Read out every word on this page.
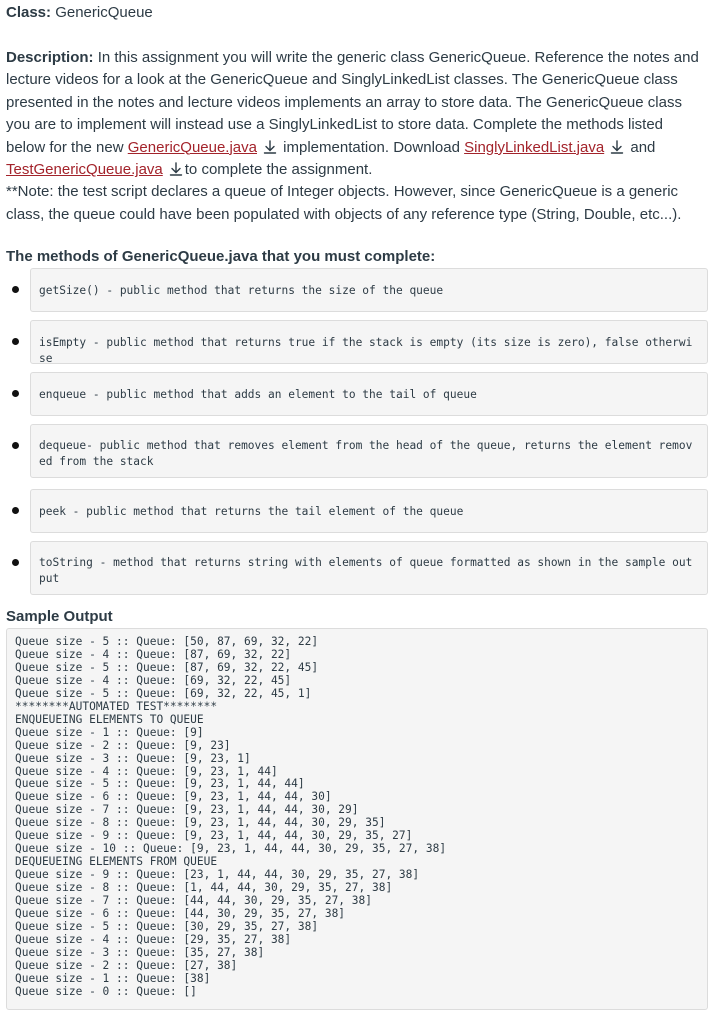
Class: GenericQueue
Description: In this assignment you will write the generic class GenericQueue. Reference the notes and lecture videos for a look at the GenericQueue and SinglyLinkedList classes. The GenericQueue class presented in the notes and lecture videos implements an array to store data. The GenericQueue class you are to implement will instead use a SinglyLinkedList to store data. Complete the methods listed below for the new GenericQueue.java implementation. Download SinglyLinkedList.java and
TestGenericQueue.java to complete the assignment.
**Note: the test script declares a queue of Integer objects. However, since GenericQueue is a generic class, the queue could have been populated with objects of any reference type (String, Double, etc...).
The methods of GenericQueue.java that you must complete:
getSize() - public method that returns the size of the queue
isEmpty - public method that returns true if the stack is empty (its size is zero), false otherwise
enqueue - public method that adds an element to the tail of queue
dequeue- public method that removes element from the head of the queue, returns the element removed from the stack
peek - public method that returns the tail element of the queue
toString - method that returns string with elements of queue formatted as shown in the sample output
Sample Output
Queue size - 5 :: Queue: [50, 87, 69, 32, 22]
Queue size - 4 :: Queue: [87, 69, 32, 22]
Queue size - 5 :: Queue: [87, 69, 32, 22, 45]
Queue size - 4 :: Queue: [69, 32, 22, 45]
Queue size - 5 :: Queue: [69, 32, 22, 45, 1]
********AUTOMATED TEST********
ENQUEUEING ELEMENTS TO QUEUE
Queue size - 1 :: Queue: [9]
Queue size - 2 :: Queue: [9, 23]
Queue size - 3 :: Queue: [9, 23, 1]
Queue size - 4 :: Queue: [9, 23, 1, 44]
Queue size - 5 :: Queue: [9, 23, 1, 44, 44]
Queue size - 6 :: Queue: [9, 23, 1, 44, 44, 30]
Queue size - 7 :: Queue: [9, 23, 1, 44, 44, 30, 29]
Queue size - 8 :: Queue: [9, 23, 1, 44, 44, 30, 29, 35]
Queue size - 9 :: Queue: [9, 23, 1, 44, 44, 30, 29, 35, 27]
Queue size - 10 :: Queue: [9, 23, 1, 44, 44, 30, 29, 35, 27, 38]
DEQUEUEING ELEMENTS FROM QUEUE
Queue size - 9 :: Queue: [23, 1, 44, 44, 30, 29, 35, 27, 38]
Queue size - 8 :: Queue: [1, 44, 44, 30, 29, 35, 27, 38]
Queue size - 7 :: Queue: [44, 44, 30, 29, 35, 27, 38]
Queue size - 6 :: Queue: [44, 30, 29, 35, 27, 38]
Queue size - 5 :: Queue: [30, 29, 35, 27, 38]
Queue size - 4 :: Queue: [29, 35, 27, 38]
Queue size - 3 :: Queue: [35, 27, 38]
Queue size - 2 :: Queue: [27, 38]
Queue size - 1 :: Queue: [38]
Queue size - 0 :: Queue: []
